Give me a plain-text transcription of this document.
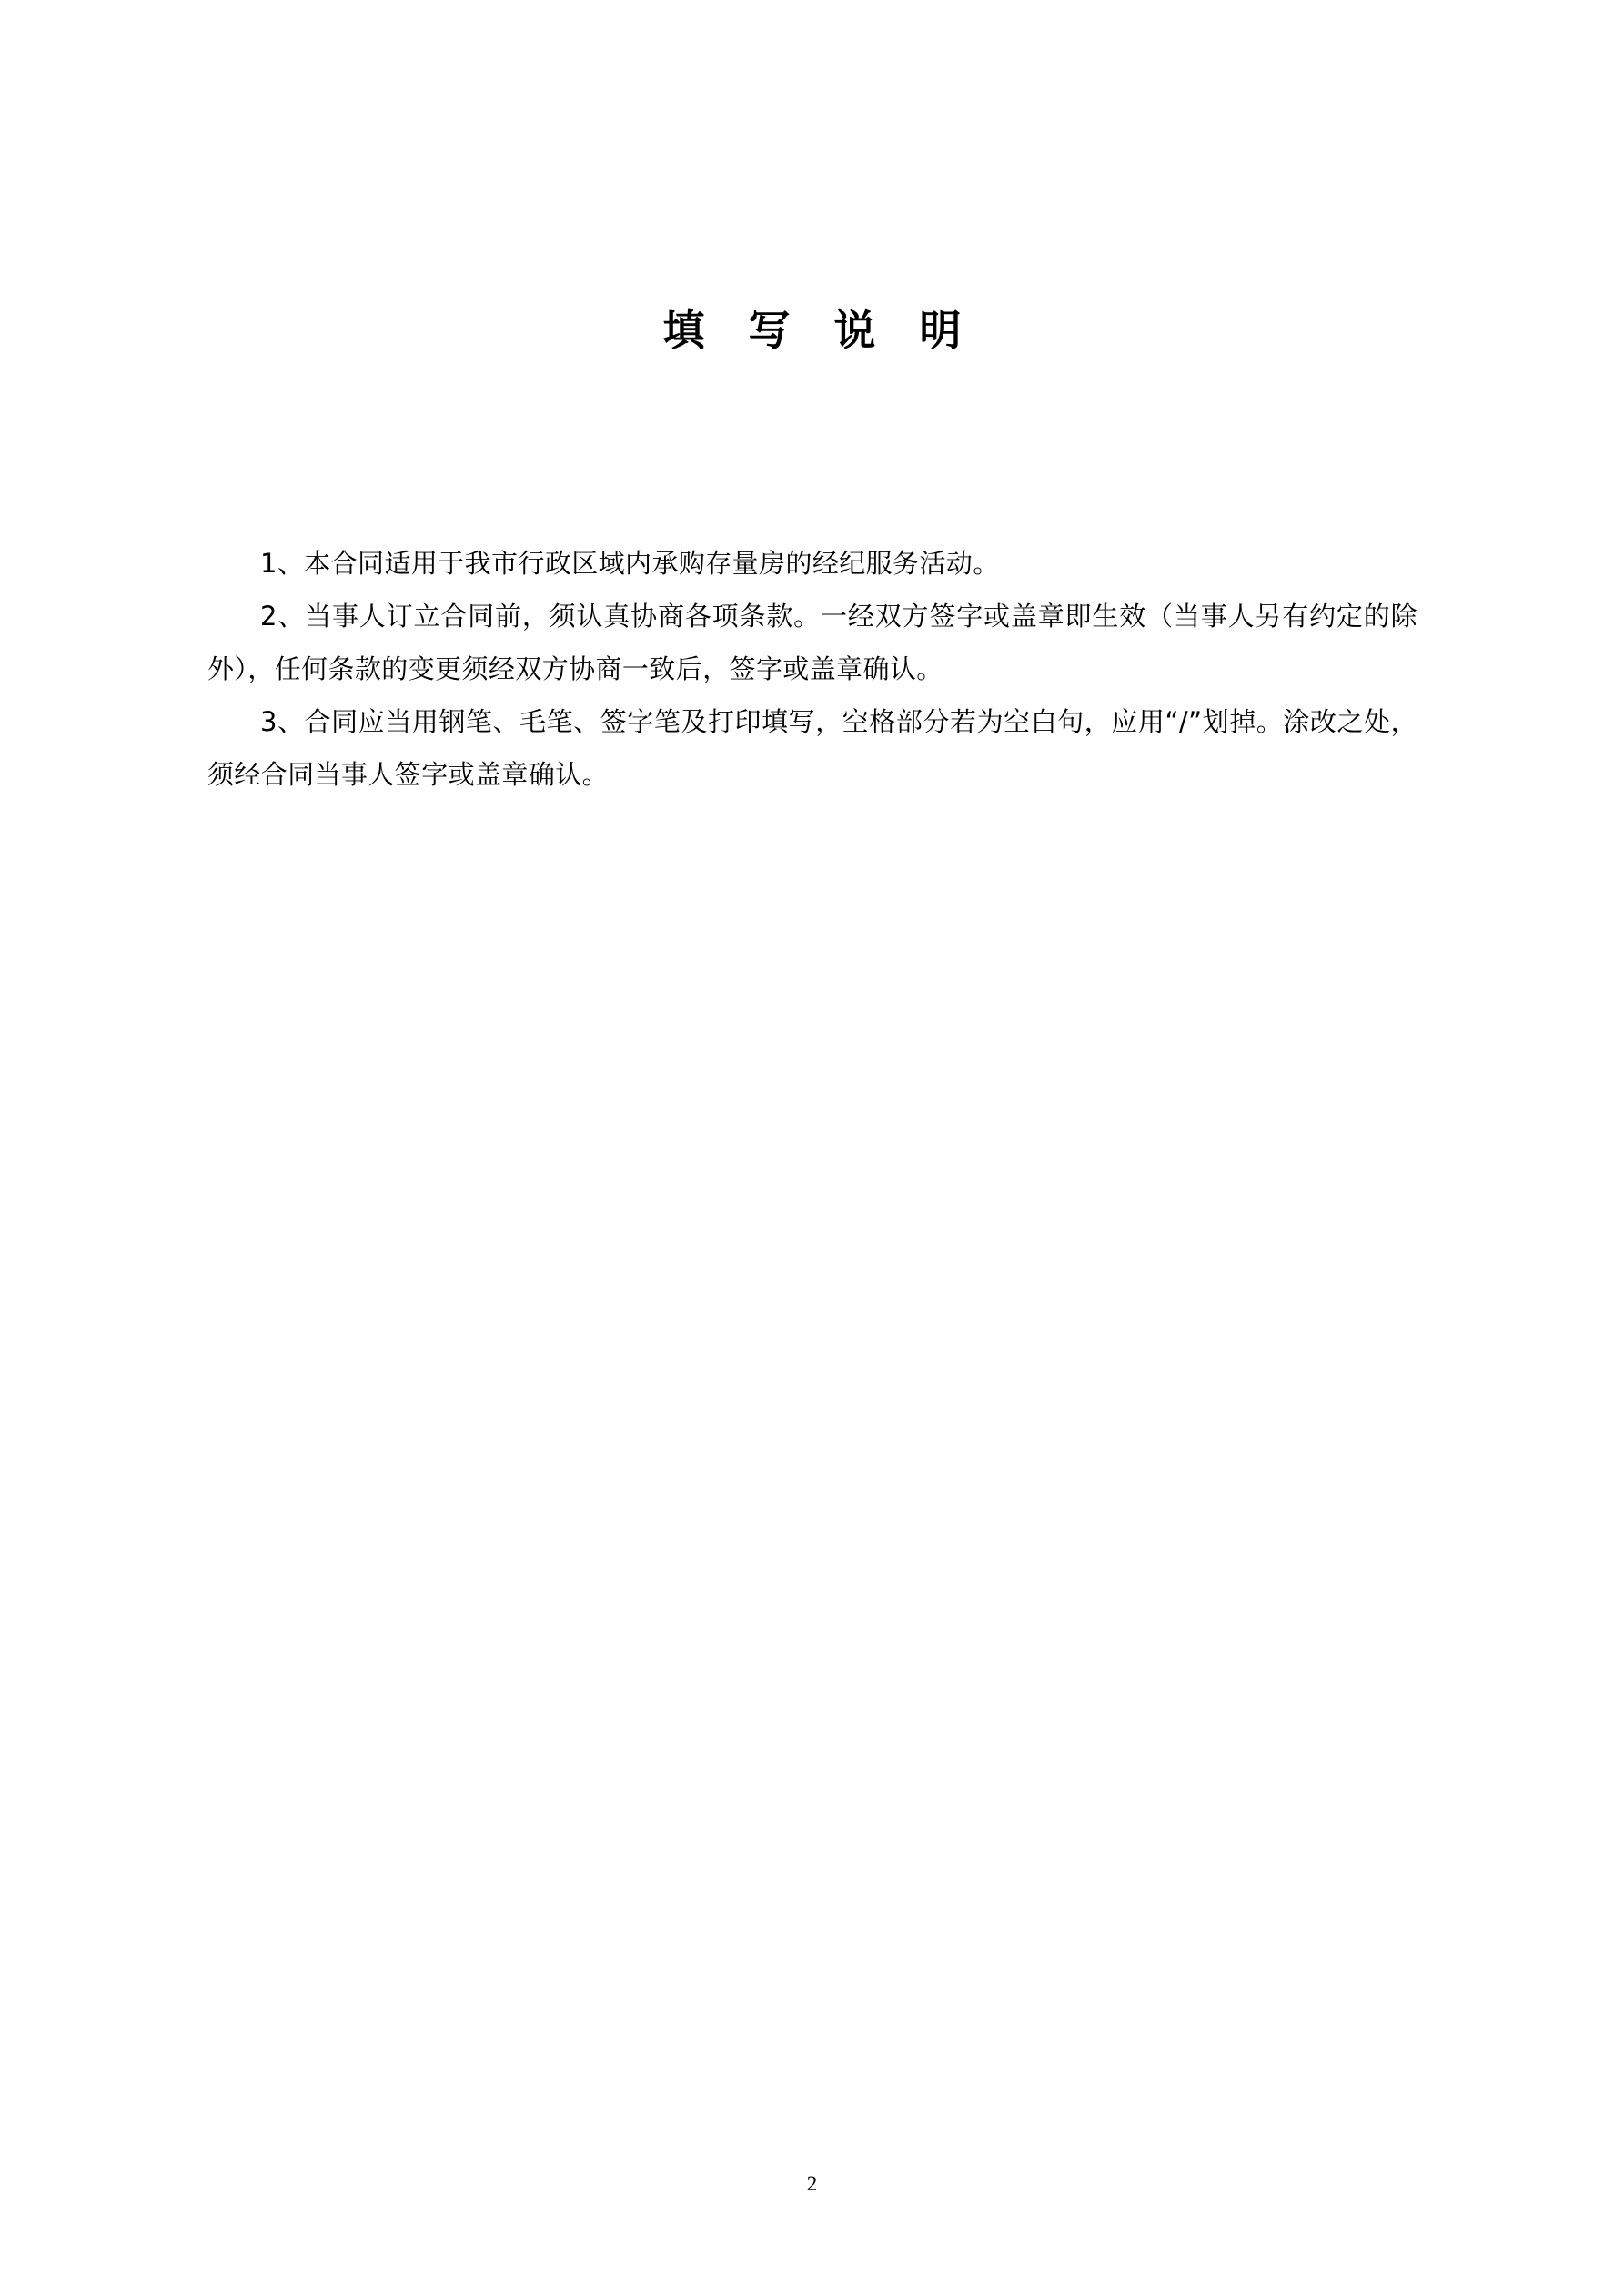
填 写 说 明

1、本合同适用于我市行政区域内承购存量房的经纪服务活动。

2、当事人订立合同前，须认真协商各项条款。一经双方签字或盖章即生效（当事人另有约定的除外），任何条款的变更须经双方协商一致后，签字或盖章确认。

3、合同应当用钢笔、毛笔、签字笔及打印填写，空格部分若为空白句，应用“/”划掉。涂改之处，须经合同当事人签字或盖章确认。

2
